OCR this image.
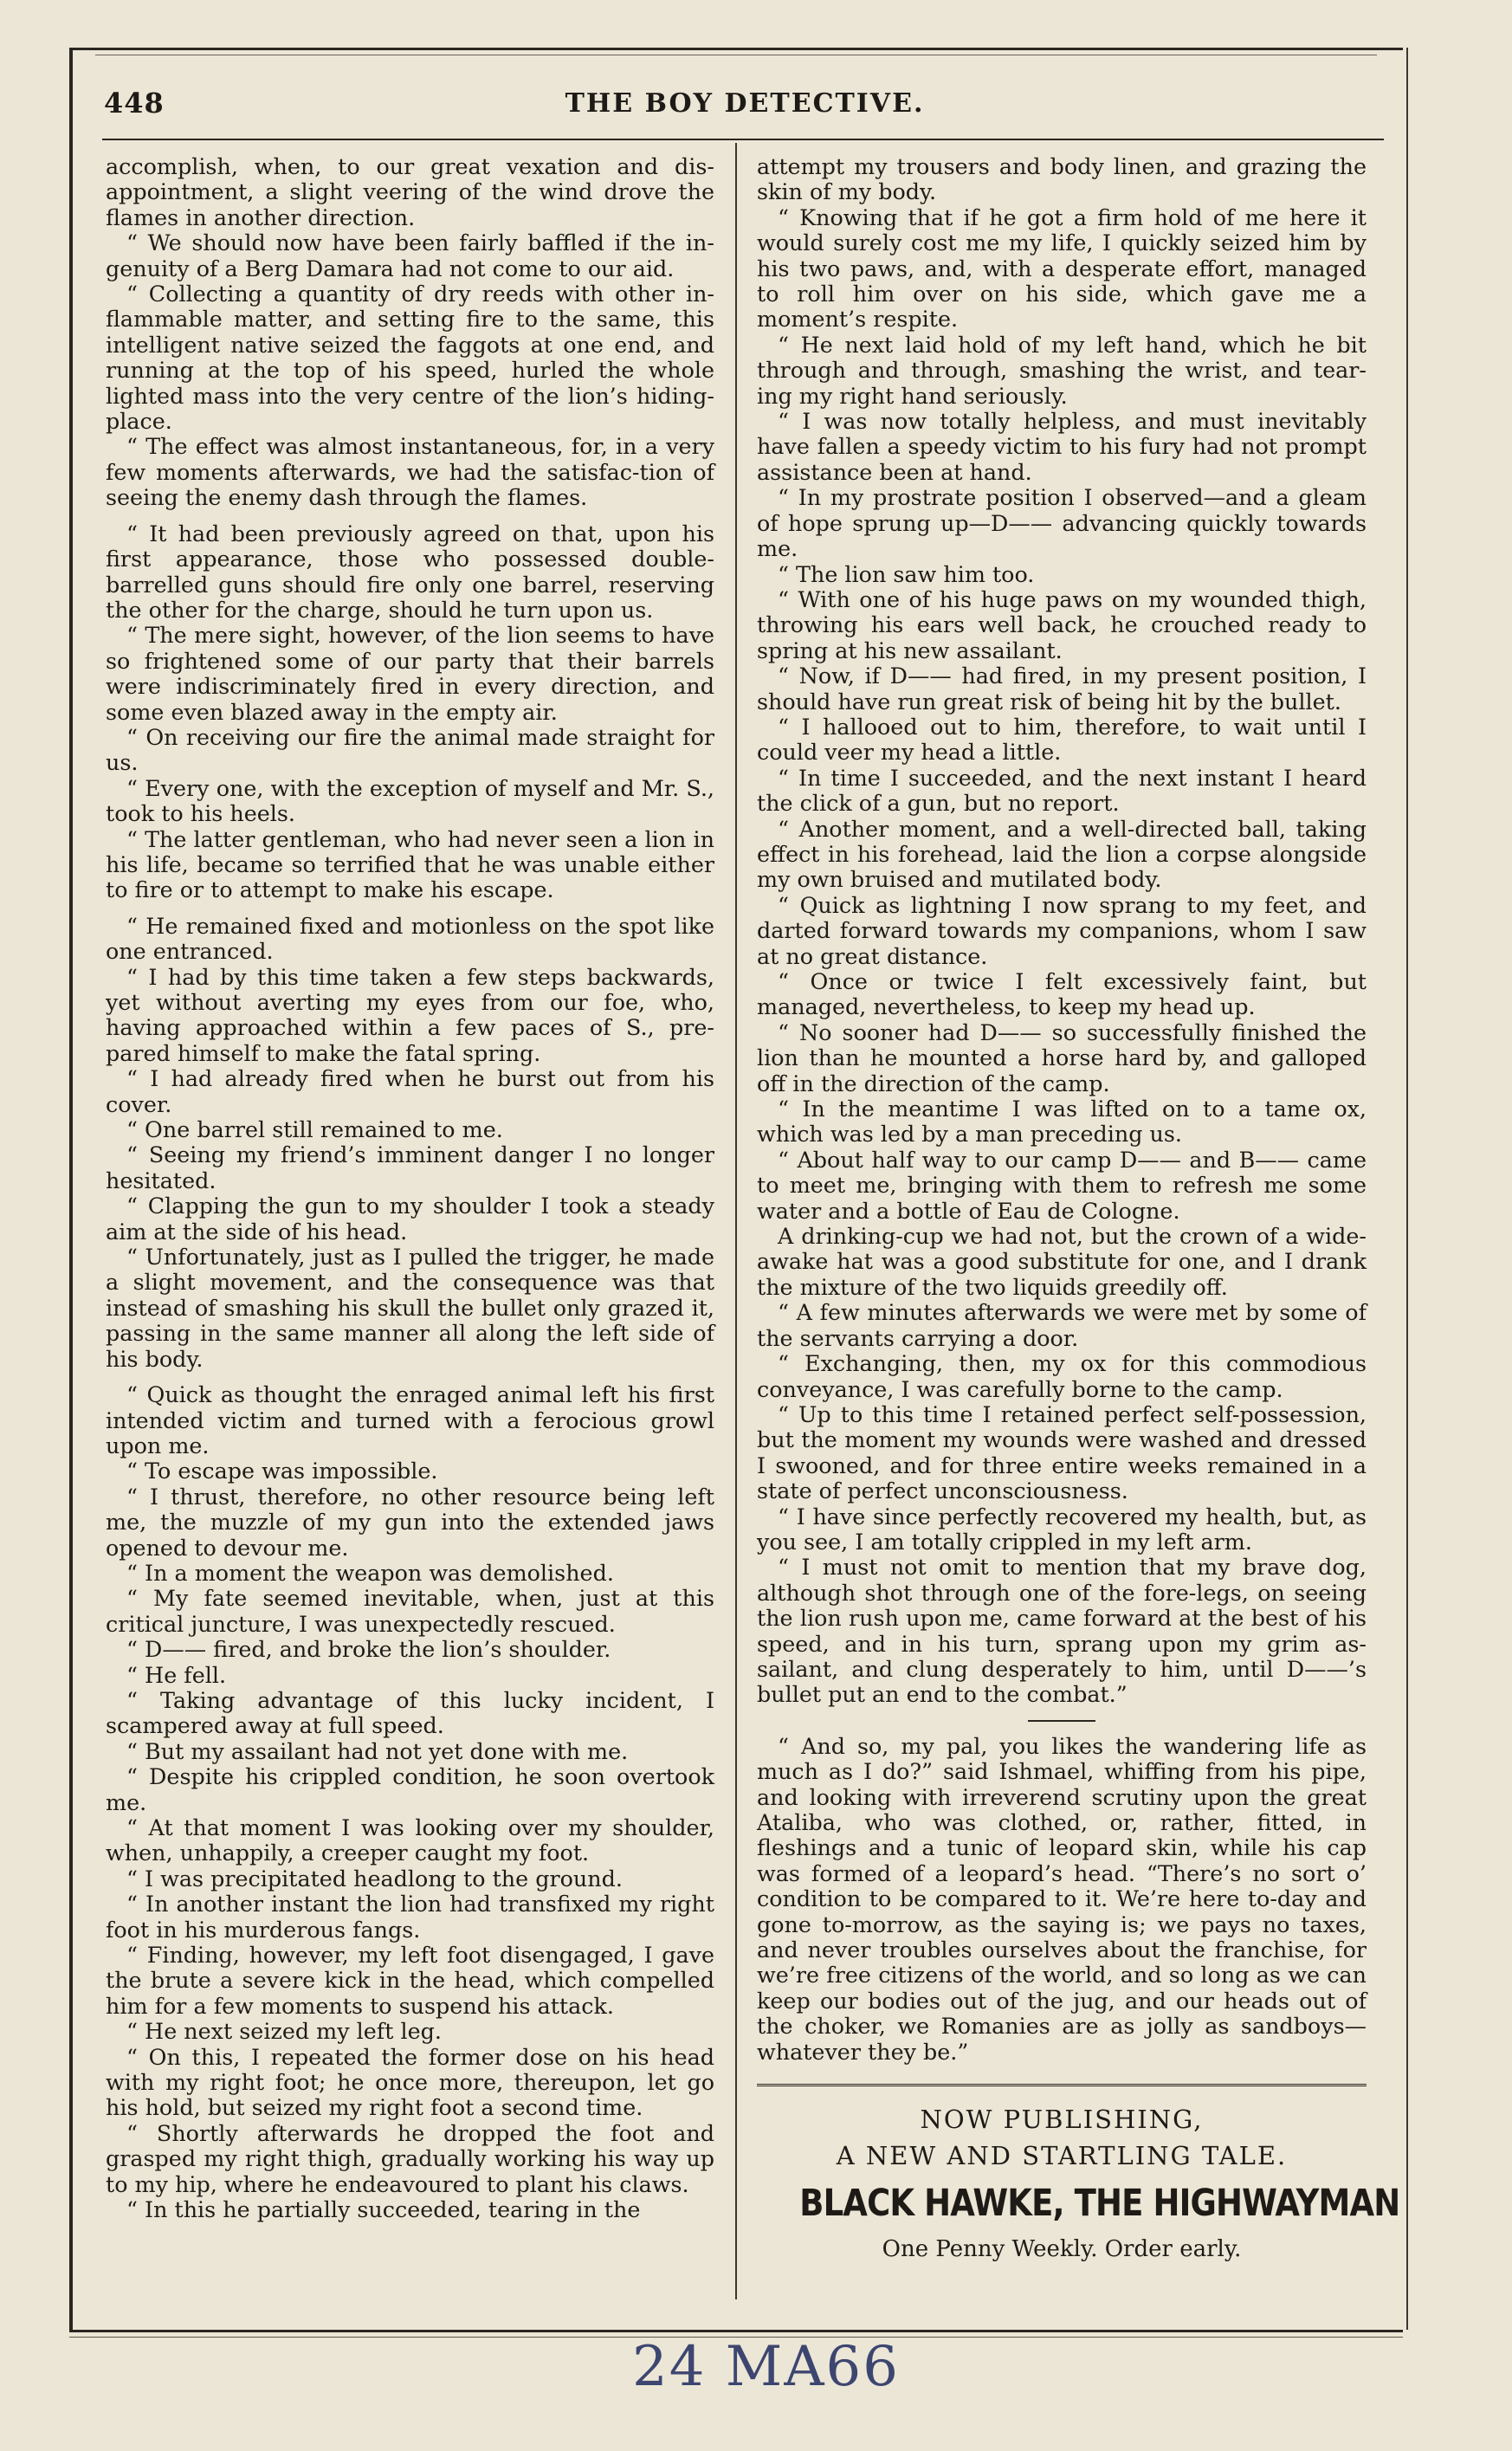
448	THE BOY DETECTIVE.

accomplish, when, to our great vexation and dis-appointment, a slight veering of the wind drove the flames in another direction.

“ We should now have been fairly baffled if the in-genuity of a Berg Damara had not come to our aid.

“ Collecting a quantity of dry reeds with other in-flammable matter, and setting fire to the same, this intelligent native seized the faggots at one end, and running at the top of his speed, hurled the whole lighted mass into the very centre of the lion’s hiding-place.

“ The effect was almost instantaneous, for, in a very few moments afterwards, we had the satisfac-tion of seeing the enemy dash through the flames.

“ It had been previously agreed on that, upon his first appearance, those who possessed double-barrelled guns should fire only one barrel, reserving the other for the charge, should he turn upon us.

“ The mere sight, however, of the lion seems to have so frightened some of our party that their barrels were indiscriminately fired in every direction, and some even blazed away in the empty air.

“ On receiving our fire the animal made straight for us.

“ Every one, with the exception of myself and Mr. S., took to his heels.

“ The latter gentleman, who had never seen a lion in his life, became so terrified that he was unable either to fire or to attempt to make his escape.

“ He remained fixed and motionless on the spot like one entranced.

“ I had by this time taken a few steps backwards, yet without averting my eyes from our foe, who, having approached within a few paces of S., pre-pared himself to make the fatal spring.

“ I had already fired when he burst out from his cover.

“ One barrel still remained to me.

“ Seeing my friend’s imminent danger I no longer hesitated.

“ Clapping the gun to my shoulder I took a steady aim at the side of his head.

“ Unfortunately, just as I pulled the trigger, he made a slight movement, and the consequence was that instead of smashing his skull the bullet only grazed it, passing in the same manner all along the left side of his body.

“ Quick as thought the enraged animal left his first intended victim and turned with a ferocious growl upon me.

“ To escape was impossible.

“ I thrust, therefore, no other resource being left me, the muzzle of my gun into the extended jaws opened to devour me.

“ In a moment the weapon was demolished.

“ My fate seemed inevitable, when, just at this critical juncture, I was unexpectedly rescued.

“ D—— fired, and broke the lion’s shoulder.

“ He fell.

“ Taking advantage of this lucky incident, I scampered away at full speed.

“ But my assailant had not yet done with me.

“ Despite his crippled condition, he soon overtook me.

“ At that moment I was looking over my shoulder, when, unhappily, a creeper caught my foot.

“ I was precipitated headlong to the ground.

“ In another instant the lion had transfixed my right foot in his murderous fangs.

“ Finding, however, my left foot disengaged, I gave the brute a severe kick in the head, which compelled him for a few moments to suspend his attack.

“ He next seized my left leg.

“ On this, I repeated the former dose on his head with my right foot; he once more, thereupon, let go his hold, but seized my right foot a second time.

“ Shortly afterwards he dropped the foot and grasped my right thigh, gradually working his way up to my hip, where he endeavoured to plant his claws.

“ In this he partially succeeded, tearing in the

attempt my trousers and body linen, and grazing the skin of my body.

“ Knowing that if he got a firm hold of me here it would surely cost me my life, I quickly seized him by his two paws, and, with a desperate effort, managed to roll him over on his side, which gave me a moment’s respite.

“ He next laid hold of my left hand, which he bit through and through, smashing the wrist, and tear-ing my right hand seriously.

“ I was now totally helpless, and must inevitably have fallen a speedy victim to his fury had not prompt assistance been at hand.

“ In my prostrate position I observed—and a gleam of hope sprung up—D—— advancing quickly towards me.

“ The lion saw him too.

“ With one of his huge paws on my wounded thigh, throwing his ears well back, he crouched ready to spring at his new assailant.

“ Now, if D—— had fired, in my present position, I should have run great risk of being hit by the bullet.

“ I hallooed out to him, therefore, to wait until I could veer my head a little.

“ In time I succeeded, and the next instant I heard the click of a gun, but no report.

“ Another moment, and a well-directed ball, taking effect in his forehead, laid the lion a corpse alongside my own bruised and mutilated body.

“ Quick as lightning I now sprang to my feet, and darted forward towards my companions, whom I saw at no great distance.

“ Once or twice I felt excessively faint, but managed, nevertheless, to keep my head up.

“ No sooner had D—— so successfully finished the lion than he mounted a horse hard by, and galloped off in the direction of the camp.

“ In the meantime I was lifted on to a tame ox, which was led by a man preceding us.

“ About half way to our camp D—— and B—— came to meet me, bringing with them to refresh me some water and a bottle of Eau de Cologne.

A drinking-cup we had not, but the crown of a wide-awake hat was a good substitute for one, and I drank the mixture of the two liquids greedily off.

“ A few minutes afterwards we were met by some of the servants carrying a door.

“ Exchanging, then, my ox for this commodious conveyance, I was carefully borne to the camp.

“ Up to this time I retained perfect self-possession, but the moment my wounds were washed and dressed I swooned, and for three entire weeks remained in a state of perfect unconsciousness.

“ I have since perfectly recovered my health, but, as you see, I am totally crippled in my left arm.

“ I must not omit to mention that my brave dog, although shot through one of the fore-legs, on seeing the lion rush upon me, came forward at the best of his speed, and in his turn, sprang upon my grim as-sailant, and clung desperately to him, until D——’s bullet put an end to the combat.”

“ And so, my pal, you likes the wandering life as much as I do?” said Ishmael, whiffing from his pipe, and looking with irreverend scrutiny upon the great Ataliba, who was clothed, or, rather, fitted, in fleshings and a tunic of leopard skin, while his cap was formed of a leopard’s head. “There’s no sort o’ condition to be compared to it. We’re here to-day and gone to-morrow, as the saying is; we pays no taxes, and never troubles ourselves about the franchise, for we’re free citizens of the world, and so long as we can keep our bodies out of the jug, and our heads out of the choker, we Romanies are as jolly as sandboys—whatever they be.”

NOW PUBLISHING,
A NEW AND STARTLING TALE.
BLACK HAWKE, THE HIGHWAYMAN
One Penny Weekly. Order early.
24 MA66
